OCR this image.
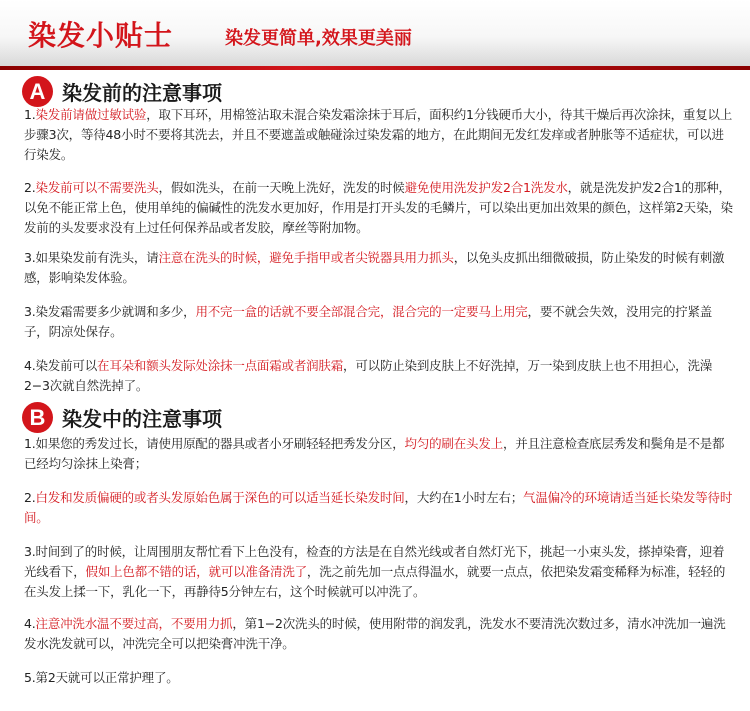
染发小贴士	染发更简单,效果更美丽
A 染发前的注意事项
1.染发前请做过敏试验，取下耳环，用棉签沾取未混合染发霜涂抹于耳后，面积约1分钱硬币大小，待其干燥后再次涂抹，重复以上步骤3次，等待48小时不要将其洗去，并且不要遮盖或触碰涂过染发霜的地方，在此期间无发红发痒或者肿胀等不适症状，可以进行染发。
2.染发前可以不需要洗头，假如洗头，在前一天晚上洗好，洗发的时候避免使用洗发护发2合1洗发水，就是洗发护发2合1的那种，以免不能正常上色，使用单纯的偏碱性的洗发水更加好，作用是打开头发的毛鳞片，可以染出更加出效果的颜色，这样第2天染，染发前的头发要求没有上过任何保养品或者发胶，摩丝等附加物。
3.如果染发前有洗头，请注意在洗头的时候，避免手指甲或者尖锐器具用力抓头，以免头皮抓出细微破损，防止染发的时候有刺激感，影响染发体验。
3.染发霜需要多少就调和多少，用不完一盒的话就不要全部混合完，混合完的一定要马上用完，要不就会失效，没用完的拧紧盖子，阴凉处保存。
4.染发前可以在耳朵和额头发际处涂抹一点面霜或者润肤霜，可以防止染到皮肤上不好洗掉，万一染到皮肤上也不用担心，洗澡2−3次就自然洗掉了。
B 染发中的注意事项
1.如果您的秀发过长，请使用原配的器具或者小牙刷轻轻把秀发分区，均匀的刷在头发上，并且注意检查底层秀发和鬓角是不是都已经均匀涂抹上染膏；
2.白发和发质偏硬的或者头发原始色属于深色的可以适当延长染发时间，大约在1小时左右；气温偏冷的环境请适当延长染发等待时间。
3.时间到了的时候，让周围朋友帮忙看下上色没有，检查的方法是在自然光线或者自然灯光下，挑起一小束头发，搽掉染膏，迎着光线看下，假如上色都不错的话，就可以准备清洗了，洗之前先加一点点得温水，就要一点点，依把染发霜变稀释为标准，轻轻的在头发上揉一下，乳化一下，再静待5分钟左右，这个时候就可以冲洗了。
4.注意冲洗水温不要过高，不要用力抓，第1−2次洗头的时候，使用附带的润发乳，洗发水不要清洗次数过多，清水冲洗加一遍洗发水洗发就可以，冲洗完全可以把染膏冲洗干净。
5.第2天就可以正常护理了。
